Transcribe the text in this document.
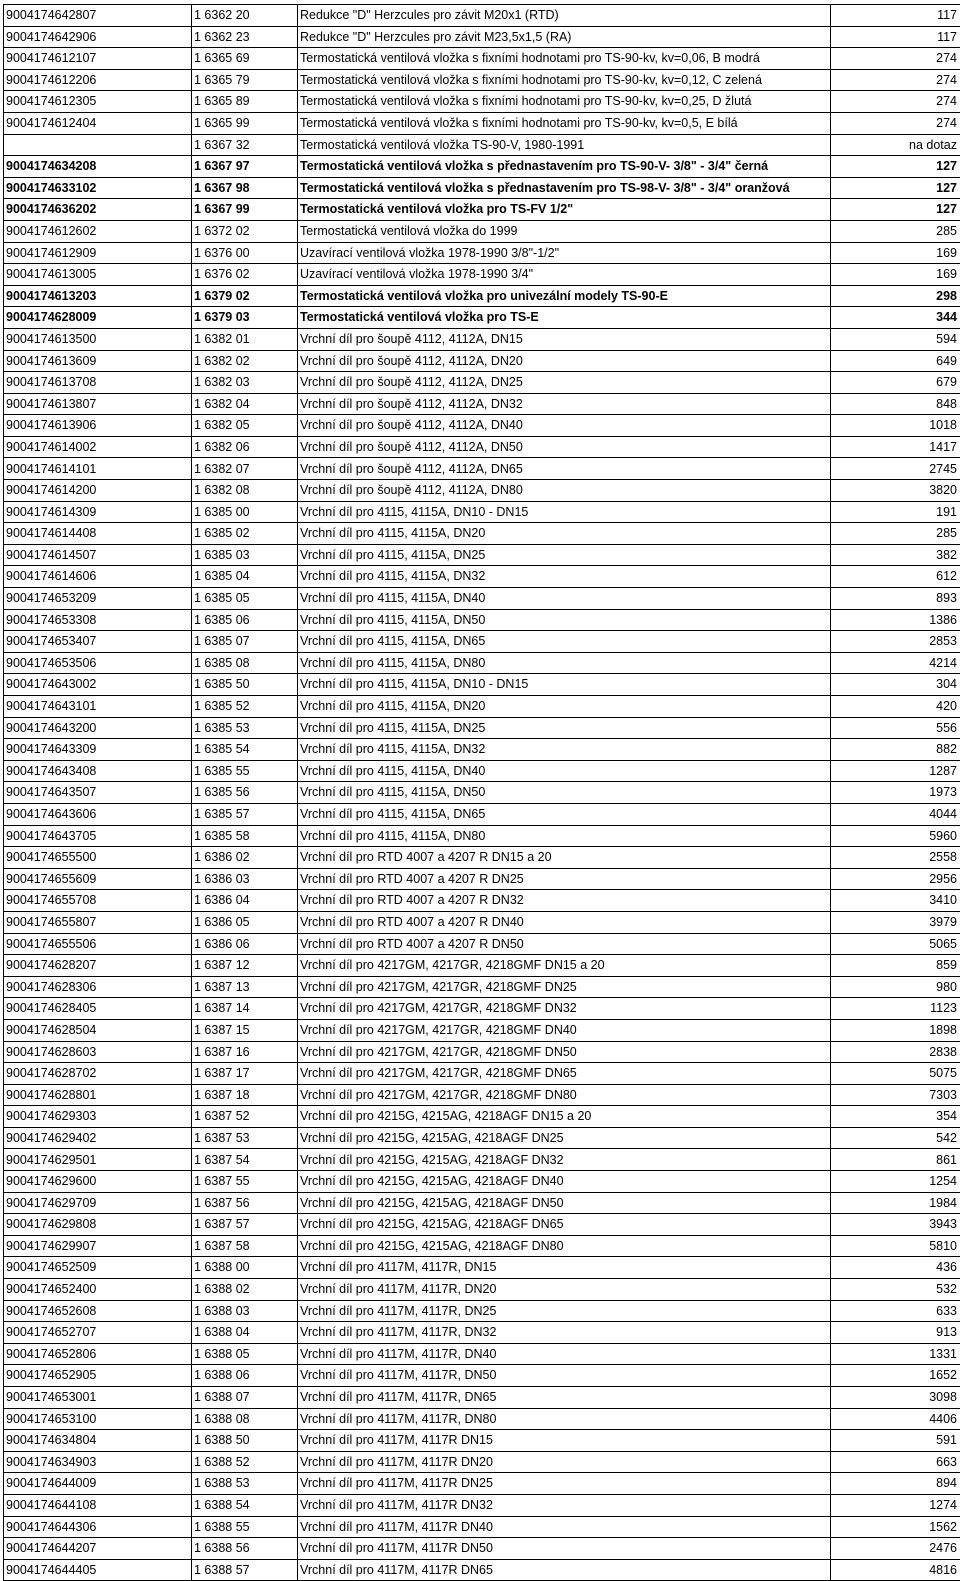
9004174642807	1 6362 20	Redukce "D" Herzcules pro závit M20x1 (RTD)	117
9004174642906	1 6362 23	Redukce "D" Herzcules pro závit M23,5x1,5 (RA)	117
9004174612107	1 6365 69	Termostatická ventilová vložka s fixními hodnotami pro TS-90-kv, kv=0,06, B modrá	274
9004174612206	1 6365 79	Termostatická ventilová vložka s fixními hodnotami pro TS-90-kv, kv=0,12, C zelená	274
9004174612305	1 6365 89	Termostatická ventilová vložka s fixními hodnotami pro TS-90-kv, kv=0,25, D žlutá	274
9004174612404	1 6365 99	Termostatická ventilová vložka s fixními hodnotami pro TS-90-kv, kv=0,5, E bílá	274
	1 6367 32	Termostatická ventilová vložka TS-90-V, 1980-1991	na dotaz
9004174634208	1 6367 97	Termostatická ventilová vložka s přednastavením pro TS-90-V- 3/8" - 3/4" černá	127
9004174633102	1 6367 98	Termostatická ventilová vložka s přednastavením pro TS-98-V- 3/8" - 3/4" oranžová	127
9004174636202	1 6367 99	Termostatická ventilová vložka pro TS-FV 1/2"	127
9004174612602	1 6372 02	Termostatická ventilová vložka do 1999	285
9004174612909	1 6376 00	Uzavírací ventilová vložka 1978-1990 3/8"-1/2"	169
9004174613005	1 6376 02	Uzavírací ventilová vložka 1978-1990 3/4"	169
9004174613203	1 6379 02	Termostatická ventilová vložka pro univezální modely TS-90-E	298
9004174628009	1 6379 03	Termostatická ventilová vložka pro TS-E	344
9004174613500	1 6382 01	Vrchní díl pro šoupě 4112, 4112A, DN15	594
9004174613609	1 6382 02	Vrchní díl pro šoupě 4112, 4112A, DN20	649
9004174613708	1 6382 03	Vrchní díl pro šoupě 4112, 4112A, DN25	679
9004174613807	1 6382 04	Vrchní díl pro šoupě 4112, 4112A, DN32	848
9004174613906	1 6382 05	Vrchní díl pro šoupě 4112, 4112A, DN40	1018
9004174614002	1 6382 06	Vrchní díl pro šoupě 4112, 4112A, DN50	1417
9004174614101	1 6382 07	Vrchní díl pro šoupě 4112, 4112A, DN65	2745
9004174614200	1 6382 08	Vrchní díl pro šoupě 4112, 4112A, DN80	3820
9004174614309	1 6385 00	Vrchní díl pro 4115, 4115A, DN10 - DN15	191
9004174614408	1 6385 02	Vrchní díl pro 4115, 4115A, DN20	285
9004174614507	1 6385 03	Vrchní díl pro 4115, 4115A, DN25	382
9004174614606	1 6385 04	Vrchní díl pro 4115, 4115A, DN32	612
9004174653209	1 6385 05	Vrchní díl pro 4115, 4115A, DN40	893
9004174653308	1 6385 06	Vrchní díl pro 4115, 4115A, DN50	1386
9004174653407	1 6385 07	Vrchní díl pro 4115, 4115A, DN65	2853
9004174653506	1 6385 08	Vrchní díl pro 4115, 4115A, DN80	4214
9004174643002	1 6385 50	Vrchní díl pro 4115, 4115A, DN10 - DN15	304
9004174643101	1 6385 52	Vrchní díl pro 4115, 4115A, DN20	420
9004174643200	1 6385 53	Vrchní díl pro 4115, 4115A, DN25	556
9004174643309	1 6385 54	Vrchní díl pro 4115, 4115A, DN32	882
9004174643408	1 6385 55	Vrchní díl pro 4115, 4115A, DN40	1287
9004174643507	1 6385 56	Vrchní díl pro 4115, 4115A, DN50	1973
9004174643606	1 6385 57	Vrchní díl pro 4115, 4115A, DN65	4044
9004174643705	1 6385 58	Vrchní díl pro 4115, 4115A, DN80	5960
9004174655500	1 6386 02	Vrchní díl pro RTD 4007 a 4207 R DN15 a 20	2558
9004174655609	1 6386 03	Vrchní díl pro RTD 4007 a 4207 R DN25	2956
9004174655708	1 6386 04	Vrchní díl pro RTD 4007 a 4207 R DN32	3410
9004174655807	1 6386 05	Vrchní díl pro RTD 4007 a 4207 R DN40	3979
9004174655506	1 6386 06	Vrchní díl pro RTD 4007 a 4207 R DN50	5065
9004174628207	1 6387 12	Vrchní díl pro 4217GM, 4217GR, 4218GMF DN15 a 20	859
9004174628306	1 6387 13	Vrchní díl pro 4217GM, 4217GR, 4218GMF DN25	980
9004174628405	1 6387 14	Vrchní díl pro 4217GM, 4217GR, 4218GMF DN32	1123
9004174628504	1 6387 15	Vrchní díl pro 4217GM, 4217GR, 4218GMF DN40	1898
9004174628603	1 6387 16	Vrchní díl pro 4217GM, 4217GR, 4218GMF DN50	2838
9004174628702	1 6387 17	Vrchní díl pro 4217GM, 4217GR, 4218GMF DN65	5075
9004174628801	1 6387 18	Vrchní díl pro 4217GM, 4217GR, 4218GMF DN80	7303
9004174629303	1 6387 52	Vrchní díl pro 4215G, 4215AG, 4218AGF DN15 a 20	354
9004174629402	1 6387 53	Vrchní díl pro 4215G, 4215AG, 4218AGF DN25	542
9004174629501	1 6387 54	Vrchní díl pro 4215G, 4215AG, 4218AGF DN32	861
9004174629600	1 6387 55	Vrchní díl pro 4215G, 4215AG, 4218AGF DN40	1254
9004174629709	1 6387 56	Vrchní díl pro 4215G, 4215AG, 4218AGF DN50	1984
9004174629808	1 6387 57	Vrchní díl pro 4215G, 4215AG, 4218AGF DN65	3943
9004174629907	1 6387 58	Vrchní díl pro 4215G, 4215AG, 4218AGF DN80	5810
9004174652509	1 6388 00	Vrchní díl pro 4117M, 4117R, DN15	436
9004174652400	1 6388 02	Vrchní díl pro 4117M, 4117R, DN20	532
9004174652608	1 6388 03	Vrchní díl pro 4117M, 4117R, DN25	633
9004174652707	1 6388 04	Vrchní díl pro 4117M, 4117R, DN32	913
9004174652806	1 6388 05	Vrchní díl pro 4117M, 4117R, DN40	1331
9004174652905	1 6388 06	Vrchní díl pro 4117M, 4117R, DN50	1652
9004174653001	1 6388 07	Vrchní díl pro 4117M, 4117R, DN65	3098
9004174653100	1 6388 08	Vrchní díl pro 4117M, 4117R, DN80	4406
9004174634804	1 6388 50	Vrchní díl pro 4117M, 4117R DN15	591
9004174634903	1 6388 52	Vrchní díl pro 4117M, 4117R DN20	663
9004174644009	1 6388 53	Vrchní díl pro 4117M, 4117R DN25	894
9004174644108	1 6388 54	Vrchní díl pro 4117M, 4117R DN32	1274
9004174644306	1 6388 55	Vrchní díl pro 4117M, 4117R DN40	1562
9004174644207	1 6388 56	Vrchní díl pro 4117M, 4117R DN50	2476
9004174644405	1 6388 57	Vrchní díl pro 4117M, 4117R DN65	4816
